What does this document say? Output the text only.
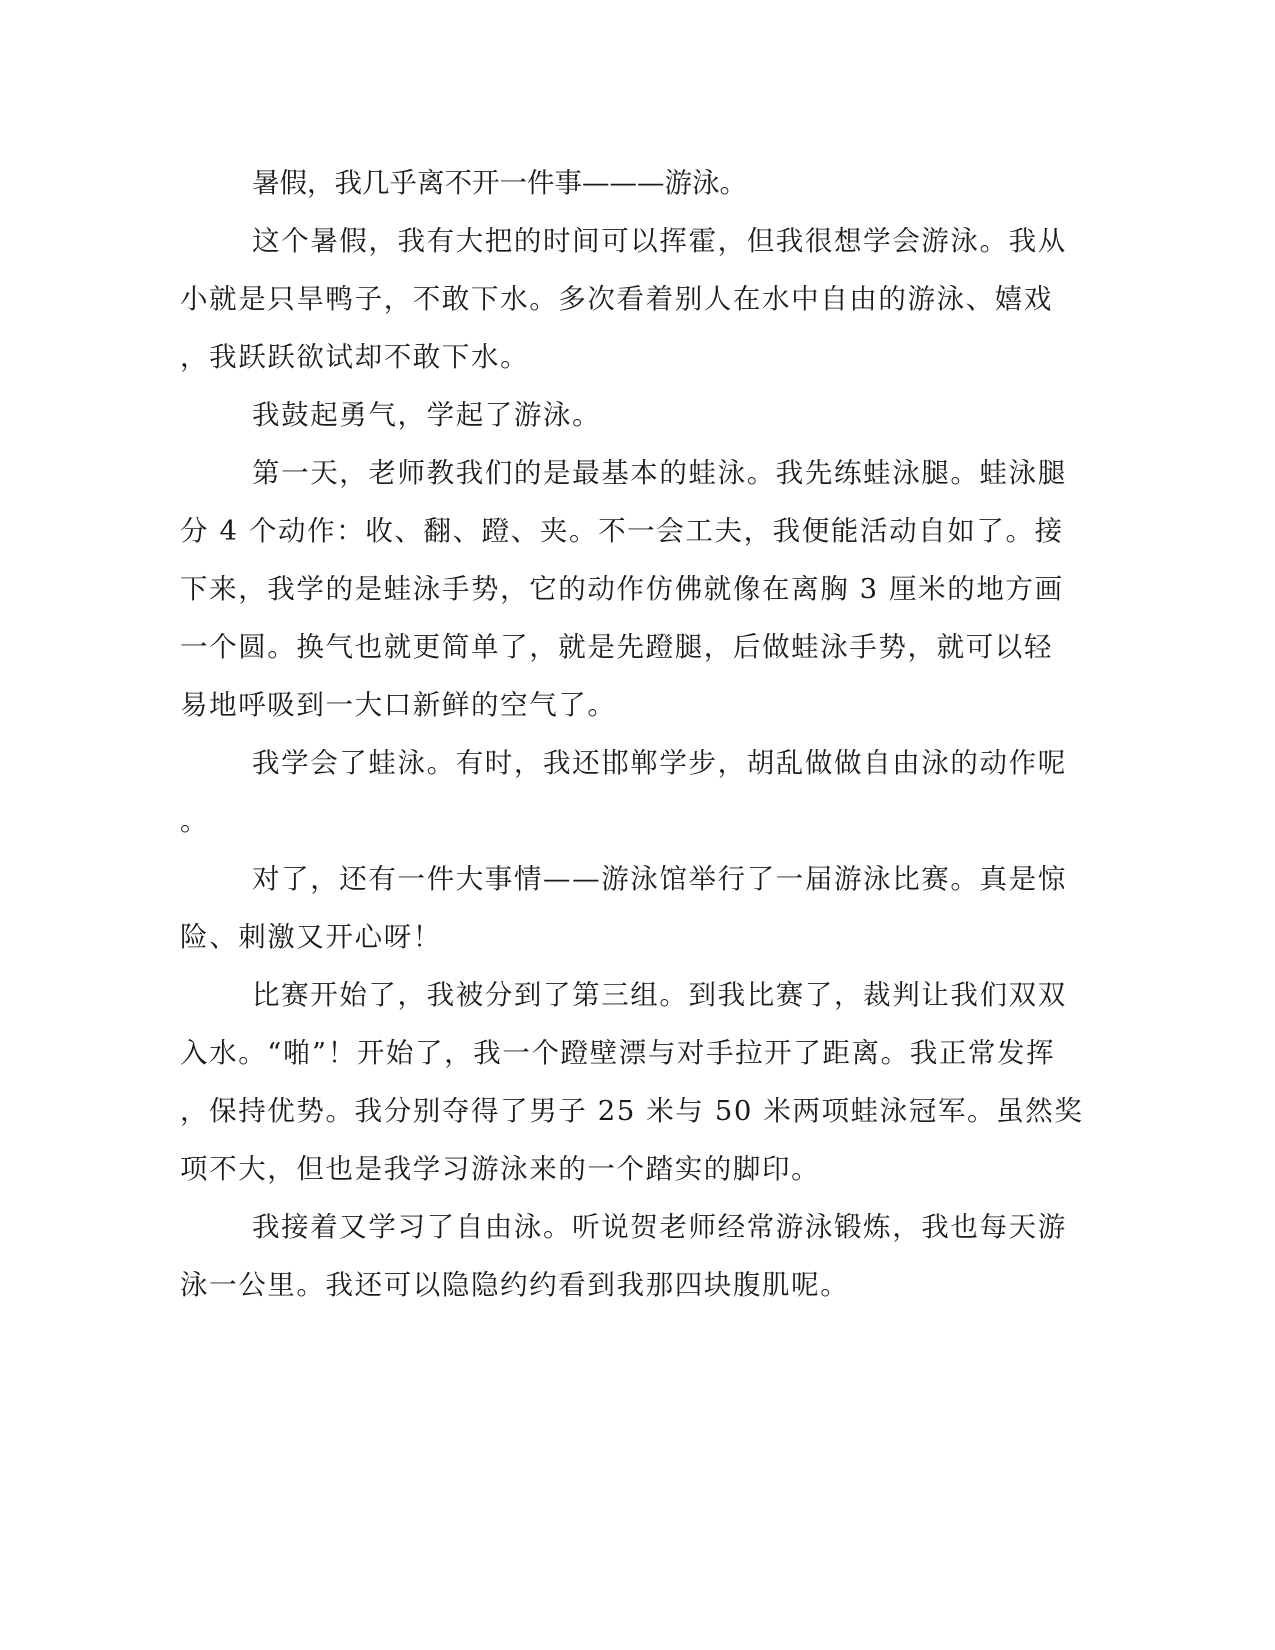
暑假，我几乎离不开一件事———游泳。

这个暑假，我有大把的时间可以挥霍，但我很想学会游泳。我从

小就是只旱鸭子，不敢下水。多次看着别人在水中自由的游泳、嬉戏

，我跃跃欲试却不敢下水。

我鼓起勇气，学起了游泳。

第一天，老师教我们的是最基本的蛙泳。我先练蛙泳腿。蛙泳腿

分 4 个动作：收、翻、蹬、夹。不一会工夫，我便能活动自如了。接

下来，我学的是蛙泳手势，它的动作仿佛就像在离胸 3 厘米的地方画

一个圆。换气也就更简单了，就是先蹬腿，后做蛙泳手势，就可以轻

易地呼吸到一大口新鲜的空气了。

我学会了蛙泳。有时，我还邯郸学步，胡乱做做自由泳的动作呢

。

对了，还有一件大事情——游泳馆举行了一届游泳比赛。真是惊

险、刺激又开心呀！

比赛开始了，我被分到了第三组。到我比赛了，裁判让我们双双

入水。“啪”！开始了，我一个蹬壁漂与对手拉开了距离。我正常发挥

，保持优势。我分别夺得了男子 25 米与 50 米两项蛙泳冠军。虽然奖

项不大，但也是我学习游泳来的一个踏实的脚印。

我接着又学习了自由泳。听说贺老师经常游泳锻炼，我也每天游

泳一公里。我还可以隐隐约约看到我那四块腹肌呢。
